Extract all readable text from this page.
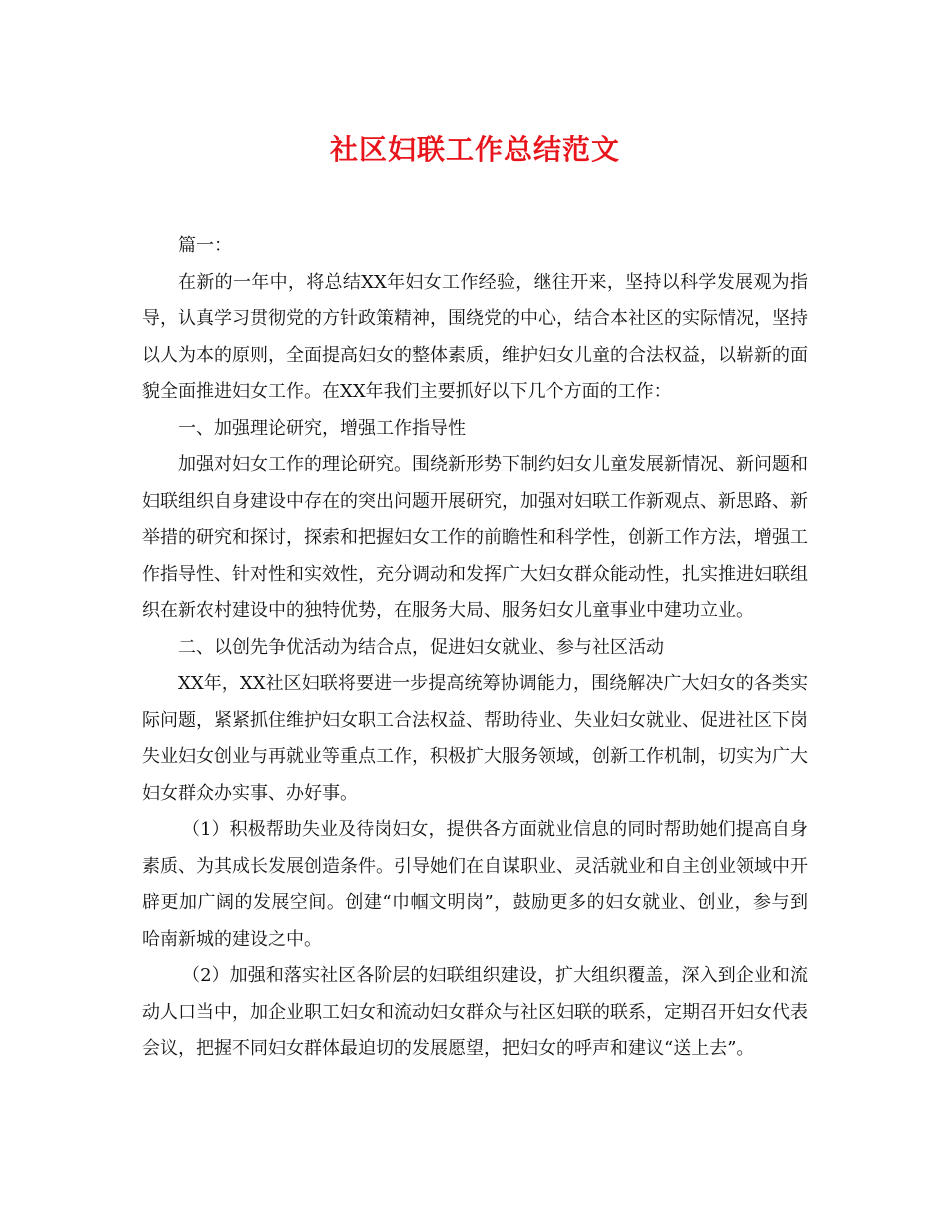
社区妇联工作总结范文

篇一：

在新的一年中，将总结XX年妇女工作经验，继往开来，坚持以科学发展观为指导，认真学习贯彻党的方针政策精神，围绕党的中心，结合本社区的实际情况，坚持以人为本的原则，全面提高妇女的整体素质，维护妇女儿童的合法权益，以崭新的面貌全面推进妇女工作。在XX年我们主要抓好以下几个方面的工作：

一、加强理论研究，增强工作指导性

加强对妇女工作的理论研究。围绕新形势下制约妇女儿童发展新情况、新问题和妇联组织自身建设中存在的突出问题开展研究，加强对妇联工作新观点、新思路、新举措的研究和探讨，探索和把握妇女工作的前瞻性和科学性，创新工作方法，增强工作指导性、针对性和实效性，充分调动和发挥广大妇女群众能动性，扎实推进妇联组织在新农村建设中的独特优势，在服务大局、服务妇女儿童事业中建功立业。

二、以创先争优活动为结合点，促进妇女就业、参与社区活动

XX年，XX社区妇联将要进一步提高统筹协调能力，围绕解决广大妇女的各类实际问题，紧紧抓住维护妇女职工合法权益、帮助待业、失业妇女就业、促进社区下岗失业妇女创业与再就业等重点工作，积极扩大服务领域，创新工作机制，切实为广大妇女群众办实事、办好事。

（1）积极帮助失业及待岗妇女，提供各方面就业信息的同时帮助她们提高自身素质、为其成长发展创造条件。引导她们在自谋职业、灵活就业和自主创业领域中开辟更加广阔的发展空间。创建“巾帼文明岗”，鼓励更多的妇女就业、创业，参与到哈南新城的建设之中。

（2）加强和落实社区各阶层的妇联组织建设，扩大组织覆盖，深入到企业和流动人口当中，加企业职工妇女和流动妇女群众与社区妇联的联系，定期召开妇女代表会议，把握不同妇女群体最迫切的发展愿望，把妇女的呼声和建议“送上去”。
